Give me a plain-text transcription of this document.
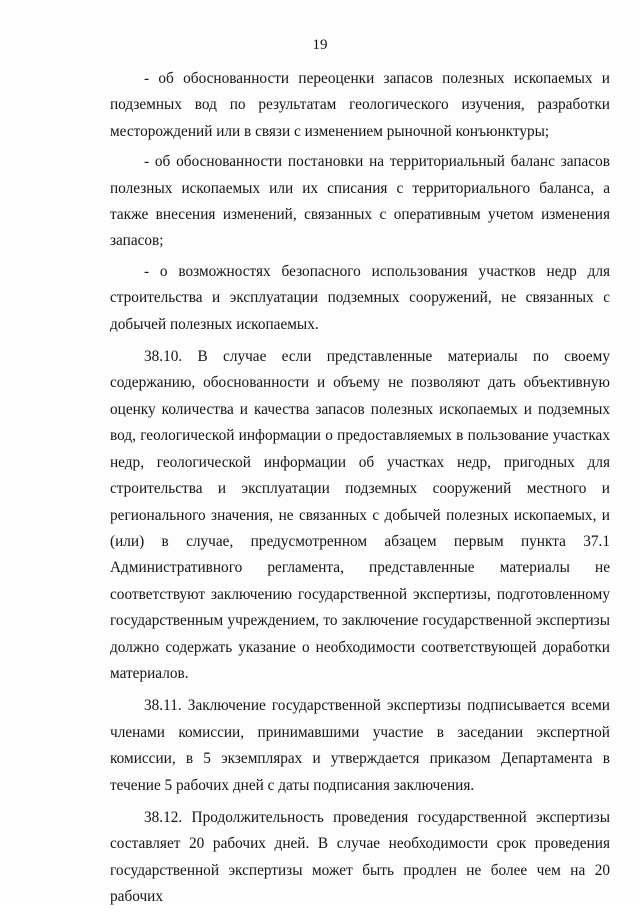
19

- об обоснованности переоценки запасов полезных ископаемых и подземных вод по результатам геологического изучения, разработки месторождений или в связи с изменением рыночной конъюнктуры;

- об обоснованности постановки на территориальный баланс запасов полезных ископаемых или их списания с территориального баланса, а также внесения изменений, связанных с оперативным учетом изменения запасов;

- о возможностях безопасного использования участков недр для строительства и эксплуатации подземных сооружений, не связанных с добычей полезных ископаемых.

38.10. В случае если представленные материалы по своему содержанию, обоснованности и объему не позволяют дать объективную оценку количества и качества запасов полезных ископаемых и подземных вод, геологической информации о предоставляемых в пользование участках недр, геологической информации об участках недр, пригодных для строительства и эксплуатации подземных сооружений местного и регионального значения, не связанных с добычей полезных ископаемых, и (или) в случае, предусмотренном абзацем первым пункта 37.1 Административного регламента, представленные материалы не соответствуют заключению государственной экспертизы, подготовленному государственным учреждением, то заключение государственной экспертизы должно содержать указание о необходимости соответствующей доработки материалов.

38.11. Заключение государственной экспертизы подписывается всеми членами комиссии, принимавшими участие в заседании экспертной комиссии, в 5 экземплярах и утверждается приказом Департамента в течение 5 рабочих дней с даты подписания заключения.

38.12. Продолжительность проведения государственной экспертизы составляет 20 рабочих дней. В случае необходимости срок проведения государственной экспертизы может быть продлен не более чем на 20 рабочих
